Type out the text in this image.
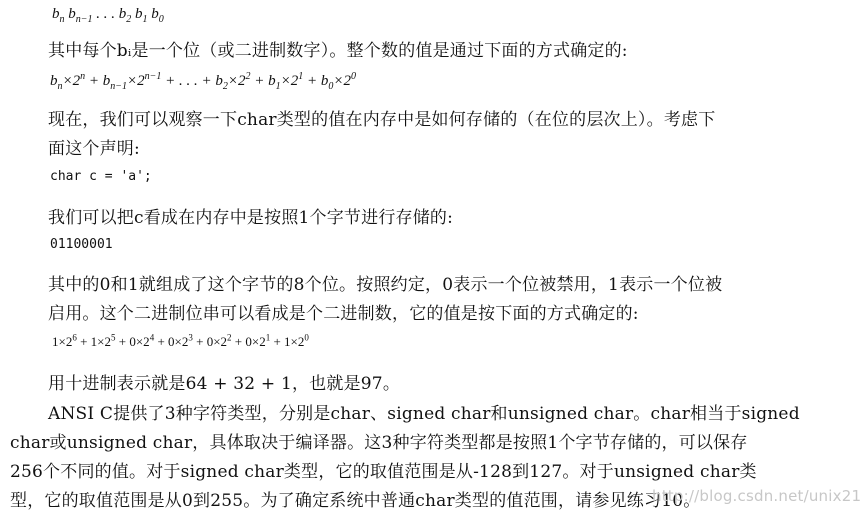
$b_n$ $b_{n-1}$ . . . $b_2$ $b_1$ $b_0$
其中每个bᵢ是一个位（或二进制数字）。整个数的值是通过下面的方式确定的:
$b_n\times 2^n + b_{n-1}\times 2^{n-1}$ + . . . + $b_2\times 2^2 + b_1\times 2^1 + b_0\times 2^0$
现在，我们可以观察一下char类型的值在内存中是如何存储的（在位的层次上）。考虑下
面这个声明:
char c = 'a';
我们可以把c看成在内存中是按照1个字节进行存储的:
01100001
其中的0和1就组成了这个字节的8个位。按照约定，0表示一个位被禁用，1表示一个位被
启用。这个二进制位串可以看成是个二进制数，它的值是按下面的方式确定的:
$1\times 2^6 + 1\times 2^5 + 0\times 2^4 + 0\times 2^3 + 0\times 2^2 + 0\times 2^1 + 1\times 2^0$
用十进制表示就是64 + 32 + 1，也就是97。
ANSI C提供了3种字符类型，分别是char、signed char和unsigned char。char相当于signed
char或unsigned char，具体取决于编译器。这3种字符类型都是按照1个字节存储的，可以保存
256个不同的值。对于signed char类型，它的取值范围是从-128到127。对于unsigned char类
型，它的取值范围是从0到255。为了确定系统中普通char类型的值范围，请参见练习10。
http://blog.csdn.net/unix21
